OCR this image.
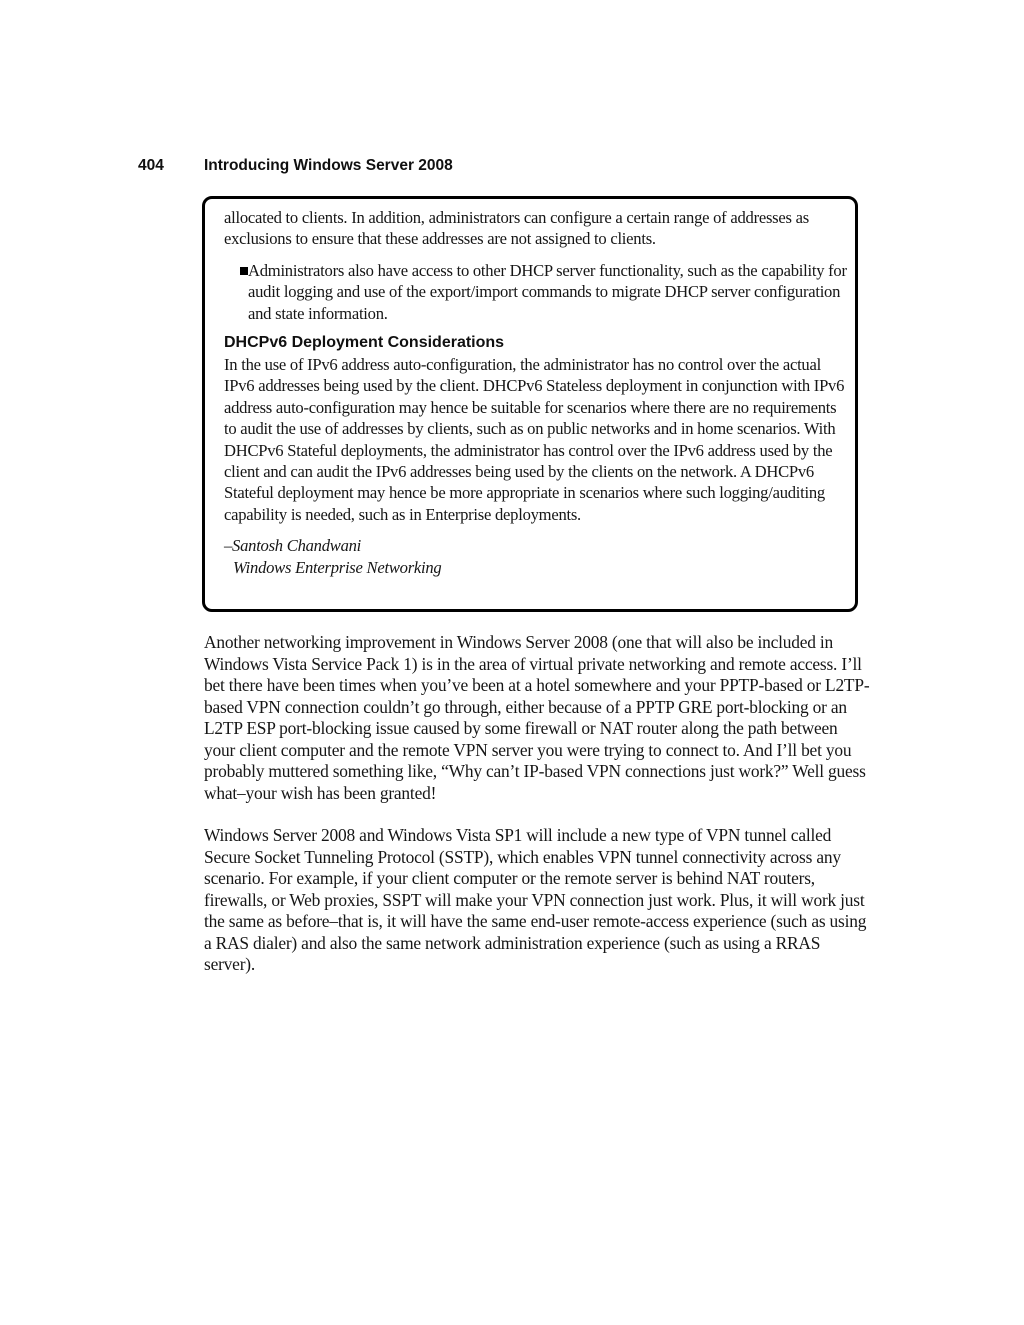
404	Introducing Windows Server 2008

allocated to clients. In addition, administrators can configure a certain range of addresses as exclusions to ensure that these addresses are not assigned to clients.

Administrators also have access to other DHCP server functionality, such as the capability for audit logging and use of the export/import commands to migrate DHCP server configuration and state information.

DHCPv6 Deployment Considerations

In the use of IPv6 address auto-configuration, the administrator has no control over the actual IPv6 addresses being used by the client. DHCPv6 Stateless deployment in conjunction with IPv6 address auto-configuration may hence be suitable for scenarios where there are no requirements to audit the use of addresses by clients, such as on public networks and in home scenarios. With DHCPv6 Stateful deployments, the administrator has control over the IPv6 address used by the client and can audit the IPv6 addresses being used by the clients on the network. A DHCPv6 Stateful deployment may hence be more appropriate in scenarios where such logging/auditing capability is needed, such as in Enterprise deployments.

–Santosh Chandwani

Windows Enterprise Networking

Another networking improvement in Windows Server 2008 (one that will also be included in Windows Vista Service Pack 1) is in the area of virtual private networking and remote access. I’ll bet there have been times when you’ve been at a hotel somewhere and your PPTP-based or L2TP-based VPN connection couldn’t go through, either because of a PPTP GRE port-blocking or an L2TP ESP port-blocking issue caused by some firewall or NAT router along the path between your client computer and the remote VPN server you were trying to connect to. And I’ll bet you probably muttered something like, “Why can’t IP-based VPN connections just work?” Well guess what–your wish has been granted!

Windows Server 2008 and Windows Vista SP1 will include a new type of VPN tunnel called Secure Socket Tunneling Protocol (SSTP), which enables VPN tunnel connectivity across any scenario. For example, if your client computer or the remote server is behind NAT routers, firewalls, or Web proxies, SSPT will make your VPN connection just work. Plus, it will work just the same as before–that is, it will have the same end-user remote-access experience (such as using a RAS dialer) and also the same network administration experience (such as using a RRAS server).
